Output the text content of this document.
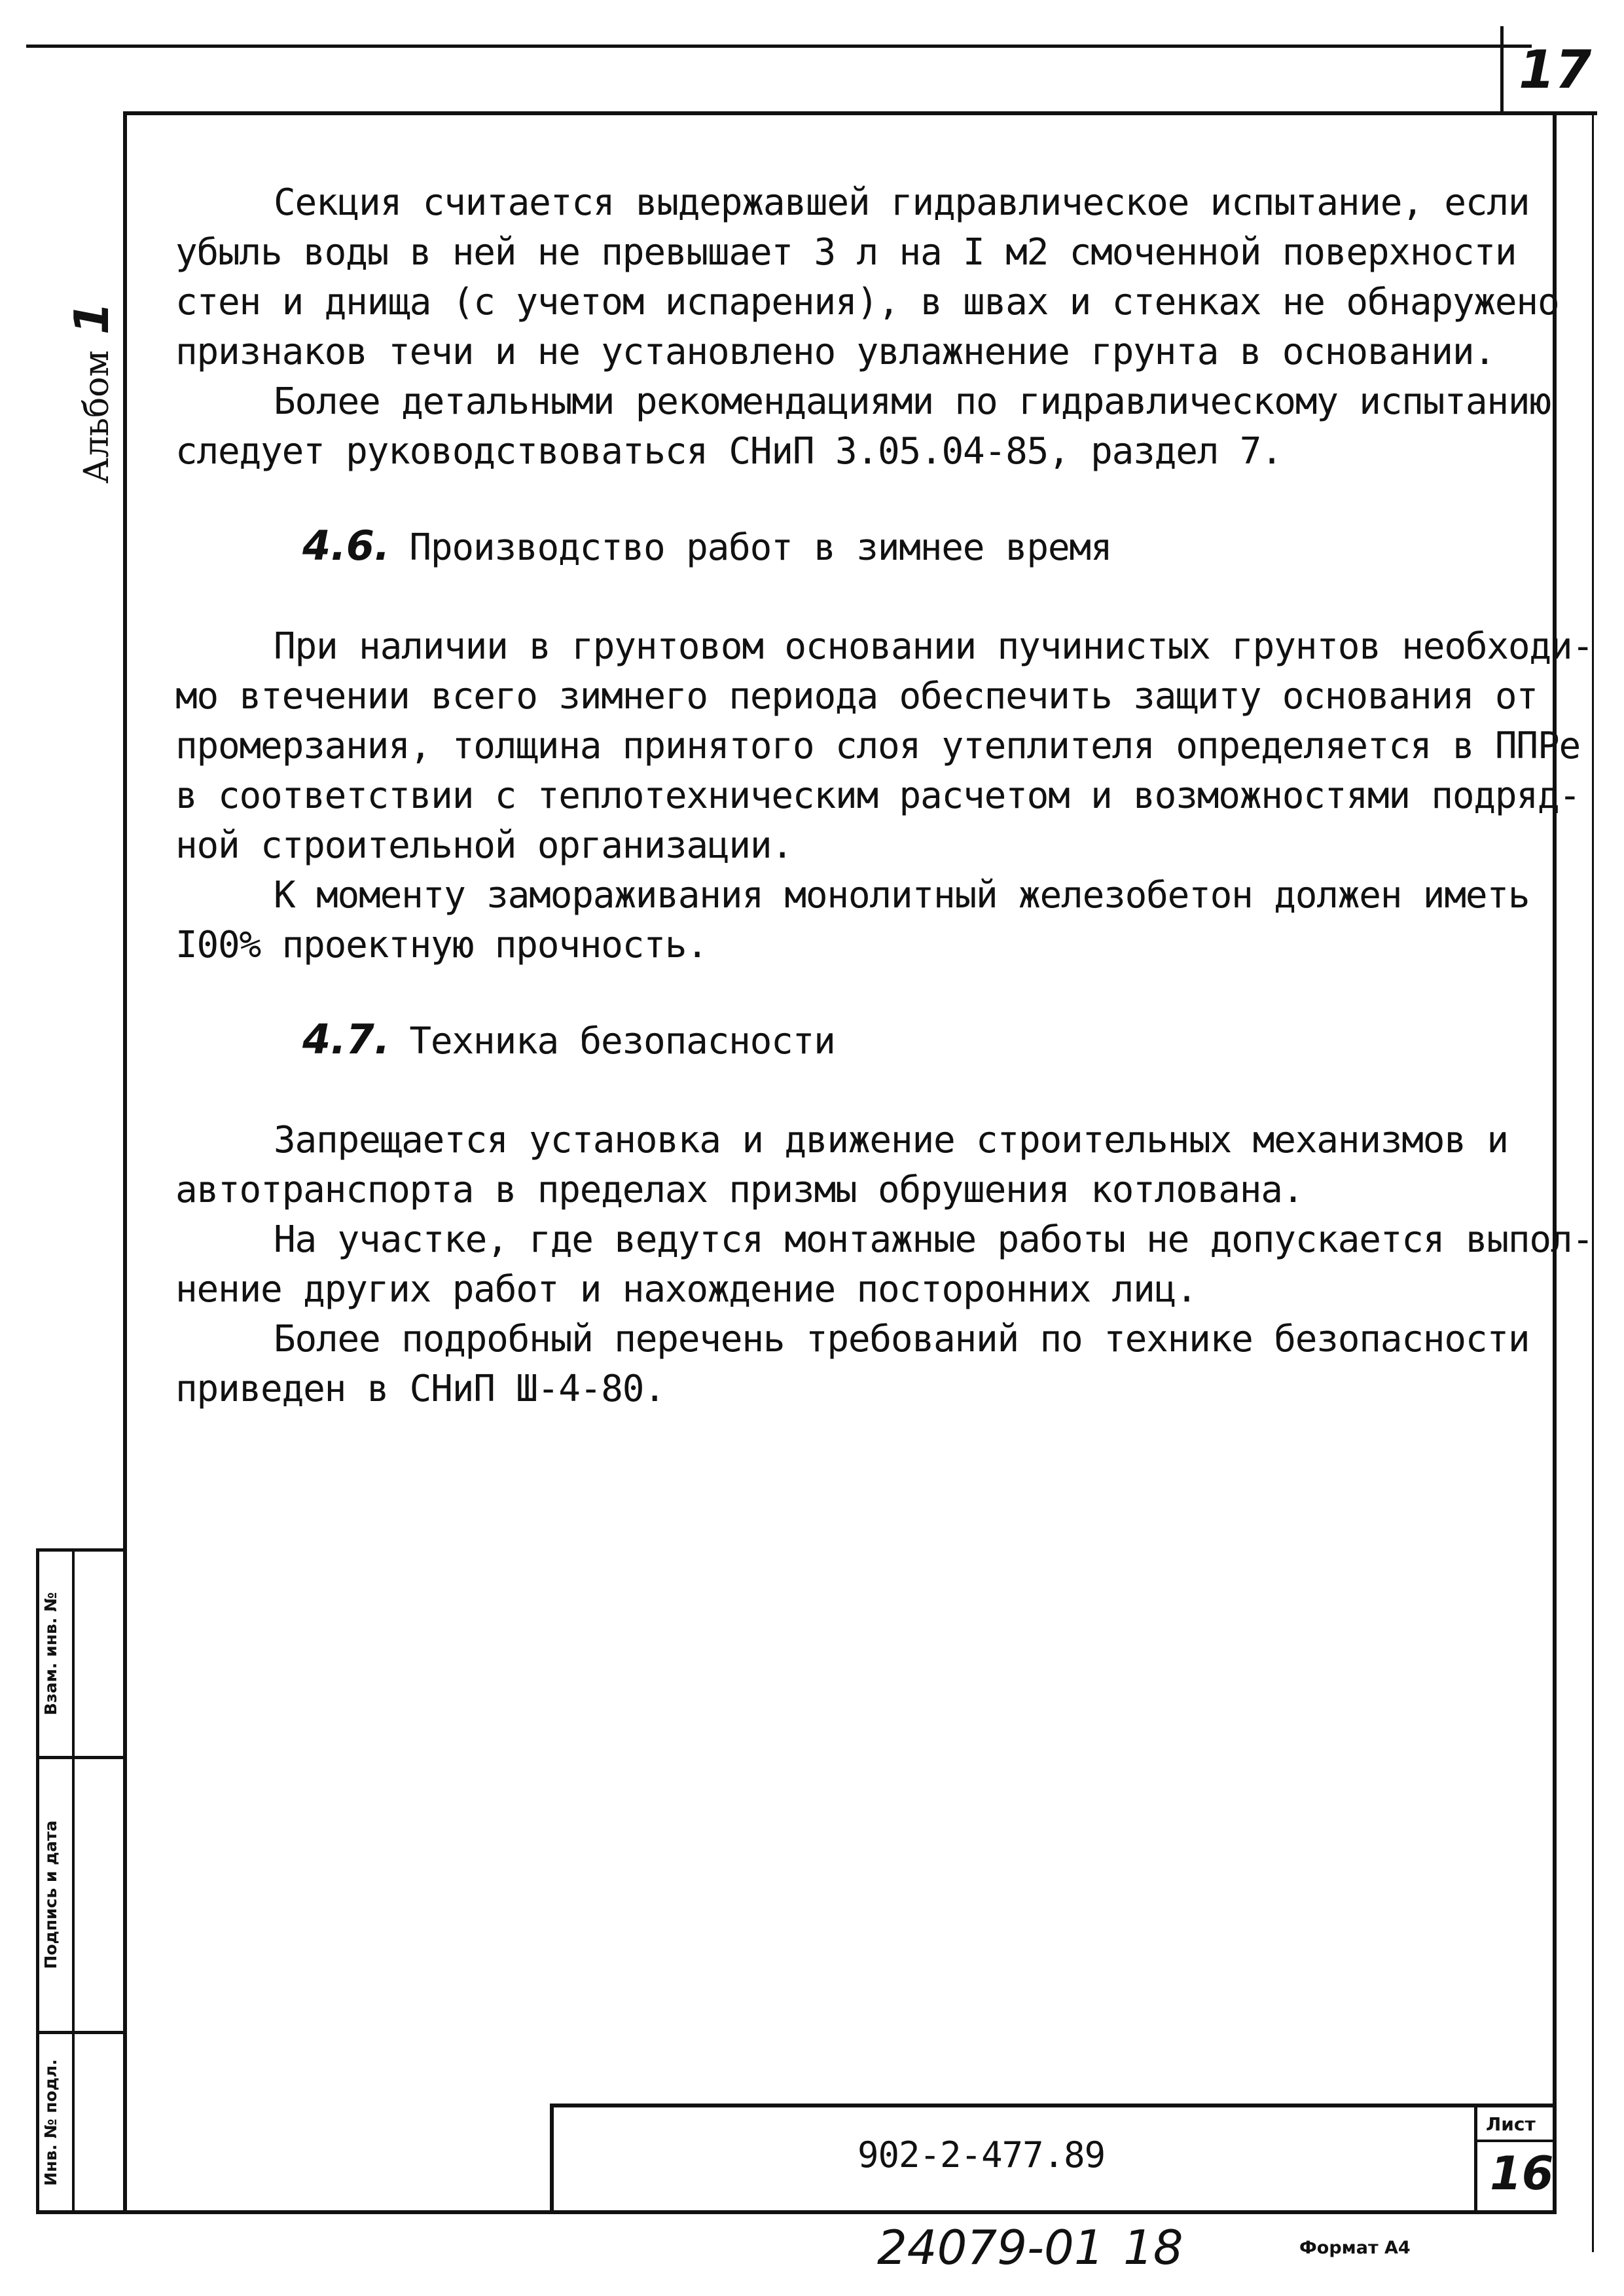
17
Альбом 1
Секция считается выдержавшей гидравлическое испытание, если
убыль воды в ней не превышает 3 л на I м2 смоченной поверхности
стен и днища (с учетом испарения), в швах и стенках не обнаружено
признаков течи и не установлено увлажнение грунта в основании.
Более детальными рекомендациями по гидравлическому испытанию
следует руководствоваться СНиП 3.05.04-85, раздел 7.
4.6. Производство работ в зимнее время
При наличии в грунтовом основании пучинистых грунтов необходи-
мо втечении всего зимнего периода обеспечить защиту основания от
промерзания, толщина принятого слоя утеплителя определяется в ППРе
в соответствии с теплотехническим расчетом и возможностями подряд-
ной строительной организации.
К моменту замораживания монолитный железобетон должен иметь
I00% проектную прочность.
4.7. Техника безопасности
Запрещается установка и движение строительных механизмов и
автотранспорта в пределах призмы обрушения котлована.
На участке, где ведутся монтажные работы не допускается выпол-
нение других работ и нахождение посторонних лиц.
Более подробный перечень требований по технике безопасности
приведен в СНиП Ш-4-80.
Взам. инв. №
Подпись и дата
Инв. № подл.	902-2-477.89
Лист
16
24079-01 18	Формат А4
